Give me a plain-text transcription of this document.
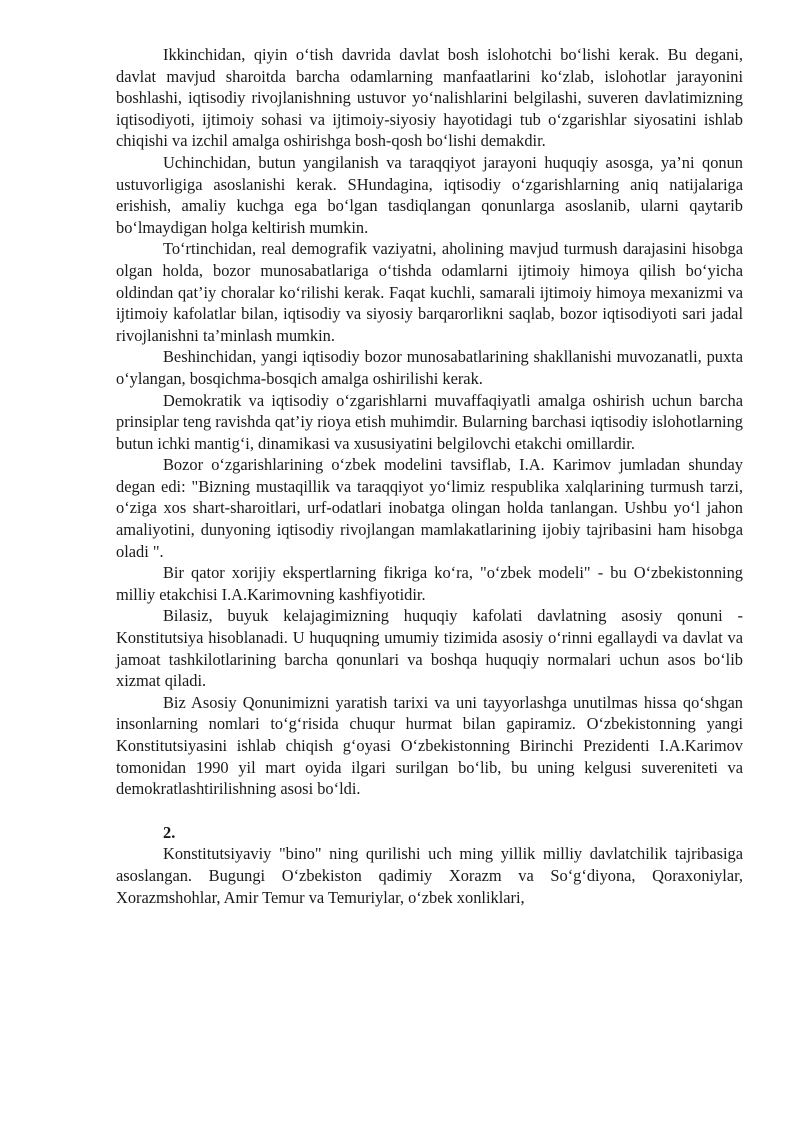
Ikkinchidan, qiyin o‘tish davrida davlat bosh islohotchi bo‘lishi kerak. Bu degani, davlat mavjud sharoitda barcha odamlarning manfaatlarini ko‘zlab, islohotlar jarayonini boshlashi, iqtisodiy rivojlanishning ustuvor yo‘nalishlarini belgilashi, suveren davlatimizning iqtisodiyoti, ijtimoiy sohasi va ijtimoiy-siyosiy hayotidagi tub o‘zgarishlar siyosatini ishlab chiqishi va izchil amalga oshirishga bosh-qosh bo‘lishi demakdir.

Uchinchidan, butun yangilanish va taraqqiyot jarayoni huquqiy asosga, ya’ni qonun ustuvorligiga asoslanishi kerak. SHundagina, iqtisodiy o‘zgarishlarning aniq natijalariga erishish, amaliy kuchga ega bo‘lgan tasdiqlangan qonunlarga asoslanib, ularni qaytarib bo‘lmaydigan holga keltirish mumkin.

To‘rtinchidan, real demografik vaziyatni, aholining mavjud turmush darajasini hisobga olgan holda, bozor munosabatlariga o‘tishda odamlarni ijtimoiy himoya qilish bo‘yicha oldindan qat’iy choralar ko‘rilishi kerak. Faqat kuchli, samarali ijtimoiy himoya mexanizmi va ijtimoiy kafolatlar bilan, iqtisodiy va siyosiy barqarorlikni saqlab, bozor iqtisodiyoti sari jadal rivojlanishni ta’minlash mumkin.

Beshinchidan, yangi iqtisodiy bozor munosabatlarining shakllanishi muvozanatli, puxta o‘ylangan, bosqichma-bosqich amalga oshirilishi kerak.

Demokratik va iqtisodiy o‘zgarishlarni muvaffaqiyatli amalga oshirish uchun barcha prinsiplar teng ravishda qat’iy rioya etish muhimdir. Bularning barchasi iqtisodiy islohotlarning butun ichki mantig‘i, dinamikasi va xususiyatini belgilovchi etakchi omillardir.

Bozor o‘zgarishlarining o‘zbek modelini tavsiflab, I.A. Karimov jumladan shunday degan edi: "Bizning mustaqillik va taraqqiyot yo‘limiz respublika xalqlarining turmush tarzi, o‘ziga xos shart-sharoitlari, urf-odatlari inobatga olingan holda tanlangan. Ushbu yo‘l jahon amaliyotini, dunyoning iqtisodiy rivojlangan mamlakatlarining ijobiy tajribasini ham hisobga oladi ".

Bir qator xorijiy ekspertlarning fikriga ko‘ra, "o‘zbek modeli" - bu O‘zbekistonning milliy etakchisi I.A.Karimovning kashfiyotidir.

Bilasiz, buyuk kelajagimizning huquqiy kafolati davlatning asosiy qonuni - Konstitutsiya hisoblanadi. U huquqning umumiy tizimida asosiy o‘rinni egallaydi va davlat va jamoat tashkilotlarining barcha qonunlari va boshqa huquqiy normalari uchun asos bo‘lib xizmat qiladi.

Biz Asosiy Qonunimizni yaratish tarixi va uni tayyorlashga unutilmas hissa qo‘shgan insonlarning nomlari to‘g‘risida chuqur hurmat bilan gapiramiz. O‘zbekistonning yangi Konstitutsiyasini ishlab chiqish g‘oyasi O‘zbekistonning Birinchi Prezidenti I.A.Karimov tomonidan 1990 yil mart oyida ilgari surilgan bo‘lib, bu uning kelgusi suvereniteti va demokratlashtirilishning asosi bo‘ldi.

2.

Konstitutsiyaviy "bino" ning qurilishi uch ming yillik milliy davlatchilik tajribasiga asoslangan. Bugungi O‘zbekiston qadimiy Xorazm va So‘g‘diyona, Qoraxoniylar, Xorazmshohlar, Amir Temur va Temuriylar, o‘zbek xonliklari,
